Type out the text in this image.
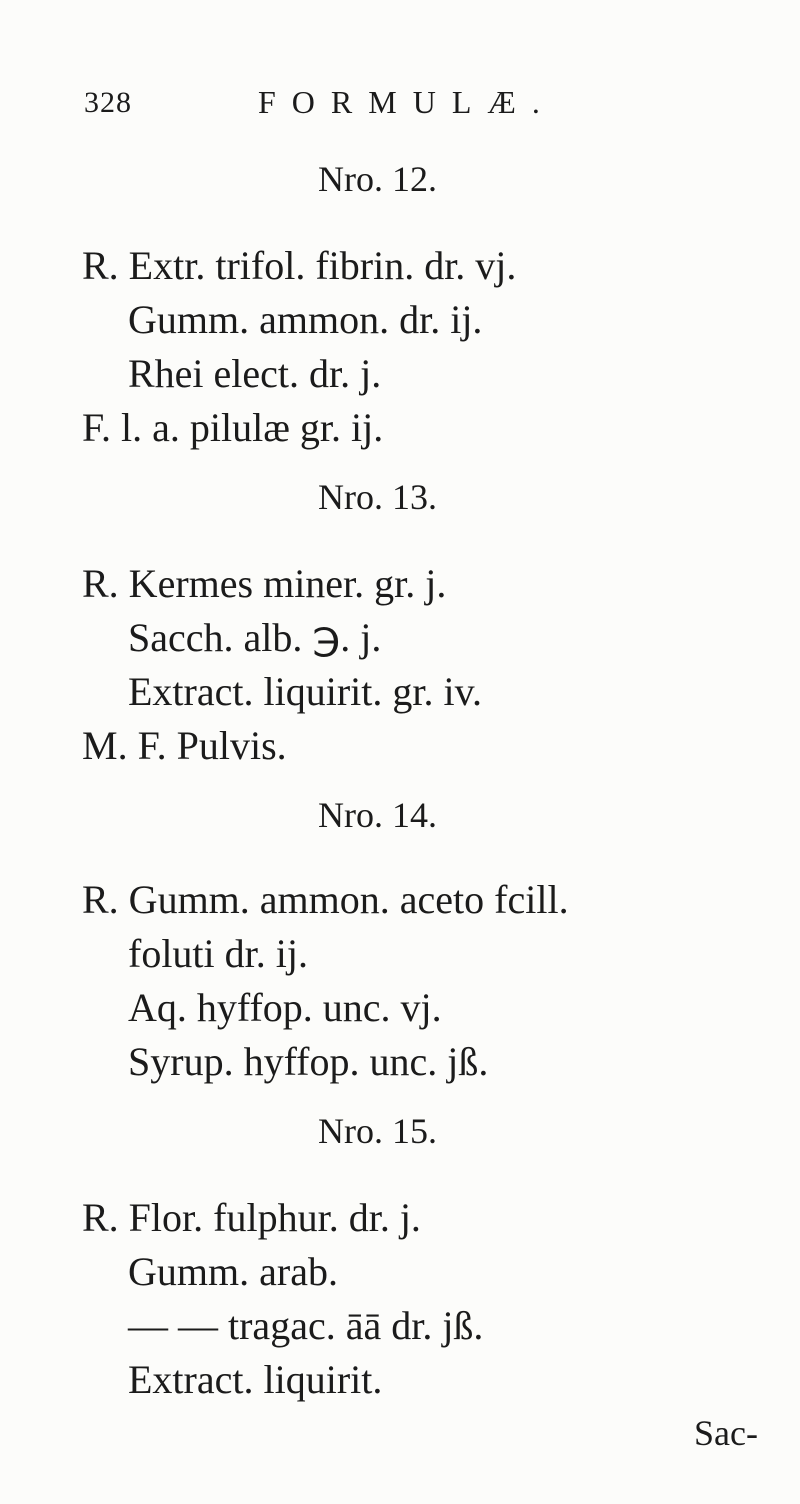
328	FORMULÆ.
Nro. 12.
R. Extr. trifol. fibrin. dr. vj.
Gumm. ammon. dr. ij.
Rhei elect. dr. j.
F. l. a. pilulæ gr. ij.
Nro. 13.
R. Kermes miner. gr. j.
Sacch. alb. ℈. j.
Extract. liquirit. gr. iv.
M. F. Pulvis.
Nro. 14.
R. Gumm. ammon. aceto fcill.
foluti dr. ij.
Aq. hyffop. unc. vj.
Syrup. hyffop. unc. jß.
Nro. 15.
R. Flor. fulphur. dr. j.
Gumm. arab.
— — tragac. āā dr. jß.
Extract. liquirit.
Sac-
